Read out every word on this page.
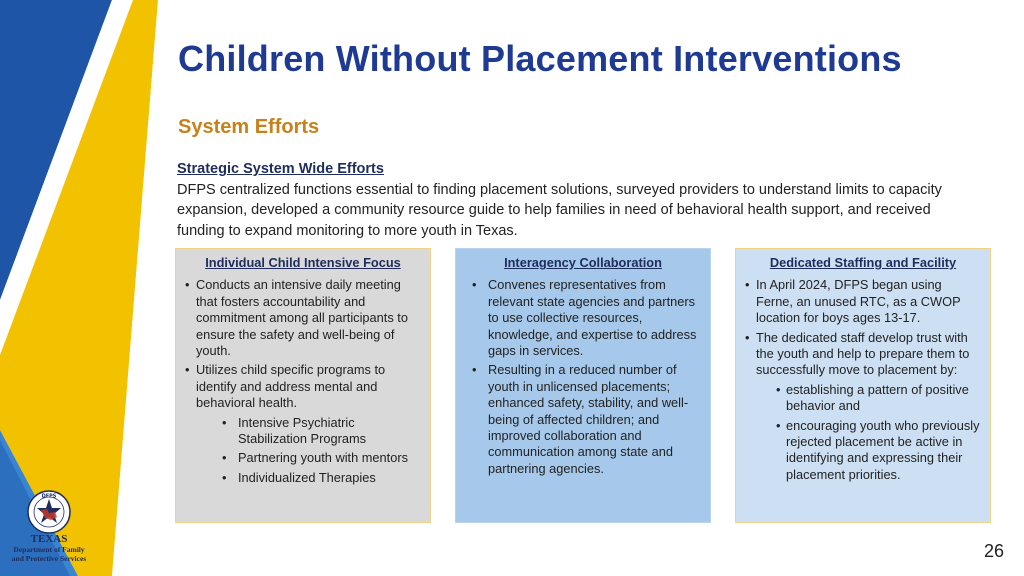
Children Without Placement Interventions
System Efforts
Strategic System Wide Efforts
DFPS centralized functions essential to finding placement solutions, surveyed providers to understand limits to capacity expansion, developed a community resource guide to help families in need of behavioral health support, and received funding to expand monitoring to more youth in Texas.
Individual Child Intensive Focus
• Conducts an intensive daily meeting that fosters accountability and commitment among all participants to ensure the safety and well-being of youth.
• Utilizes child specific programs to identify and address mental and behavioral health.
• Intensive Psychiatric Stabilization Programs
• Partnering youth with mentors
• Individualized Therapies
Interagency Collaboration
• Convenes representatives from relevant state agencies and partners to use collective resources, knowledge, and expertise to address gaps in services.
• Resulting in a reduced number of youth in unlicensed placements; enhanced safety, stability, and well-being of affected children; and improved collaboration and communication among state and partnering agencies.
Dedicated Staffing and Facility
• In April 2024, DFPS began using Ferne, an unused RTC, as a CWOP location for boys ages 13-17.
• The dedicated staff develop trust with the youth and help to prepare them to successfully move to placement by:
• establishing a pattern of positive behavior and
• encouraging youth who previously rejected placement be active in identifying and expressing their placement priorities.
DFPS
TEXAS
Department of Family
and Protective Services	26
